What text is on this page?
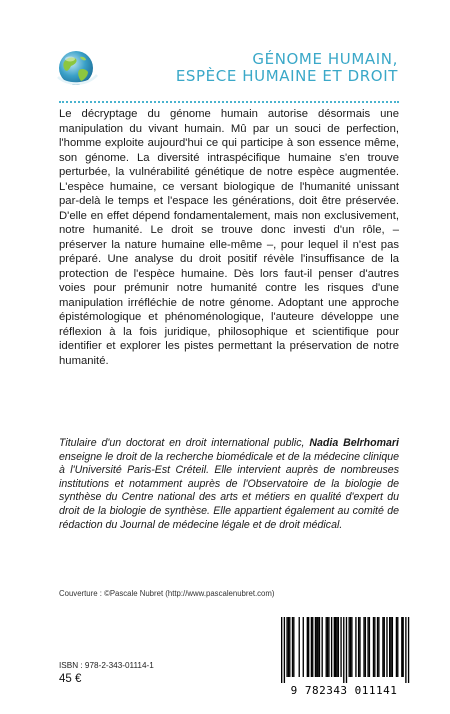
GÉNOME HUMAIN,
ESPÈCE HUMAINE ET DROIT

Le décryptage du génome humain autorise désormais une manipulation du vivant humain. Mû par un souci de perfection, l'homme exploite aujourd'hui ce qui participe à son essence même, son génome. La diversité intraspécifique humaine s'en trouve perturbée, la vulnérabilité génétique de notre espèce augmentée. L'espèce humaine, ce versant biologique de l'humanité unissant par-delà le temps et l'espace les générations, doit être préservée. D'elle en effet dépend fondamentalement, mais non exclusivement, notre humanité. Le droit se trouve donc investi d'un rôle, – préserver la nature humaine elle-même –, pour lequel il n'est pas préparé. Une analyse du droit positif révèle l'insuffisance de la protection de l'espèce humaine. Dès lors faut-il penser d'autres voies pour prémunir notre humanité contre les risques d'une manipulation irréfléchie de notre génome. Adoptant une approche épistémologique et phénoménologique, l'auteure développe une réflexion à la fois juridique, philosophique et scientifique pour identifier et explorer les pistes permettant la préservation de notre humanité.

Titulaire d'un doctorat en droit international public, Nadia Belrhomari enseigne le droit de la recherche biomédicale et de la médecine clinique à l'Université Paris-Est Créteil. Elle intervient auprès de nombreuses institutions et notamment auprès de l'Observatoire de la biologie de synthèse du Centre national des arts et métiers en qualité d'expert du droit de la biologie de synthèse. Elle appartient également au comité de rédaction du Journal de médecine légale et de droit médical.

Couverture : ©Pascale Nubret (http://www.pascalenubret.com)
ISBN : 978-2-343-01114-1
45 €
9 782343 011141
